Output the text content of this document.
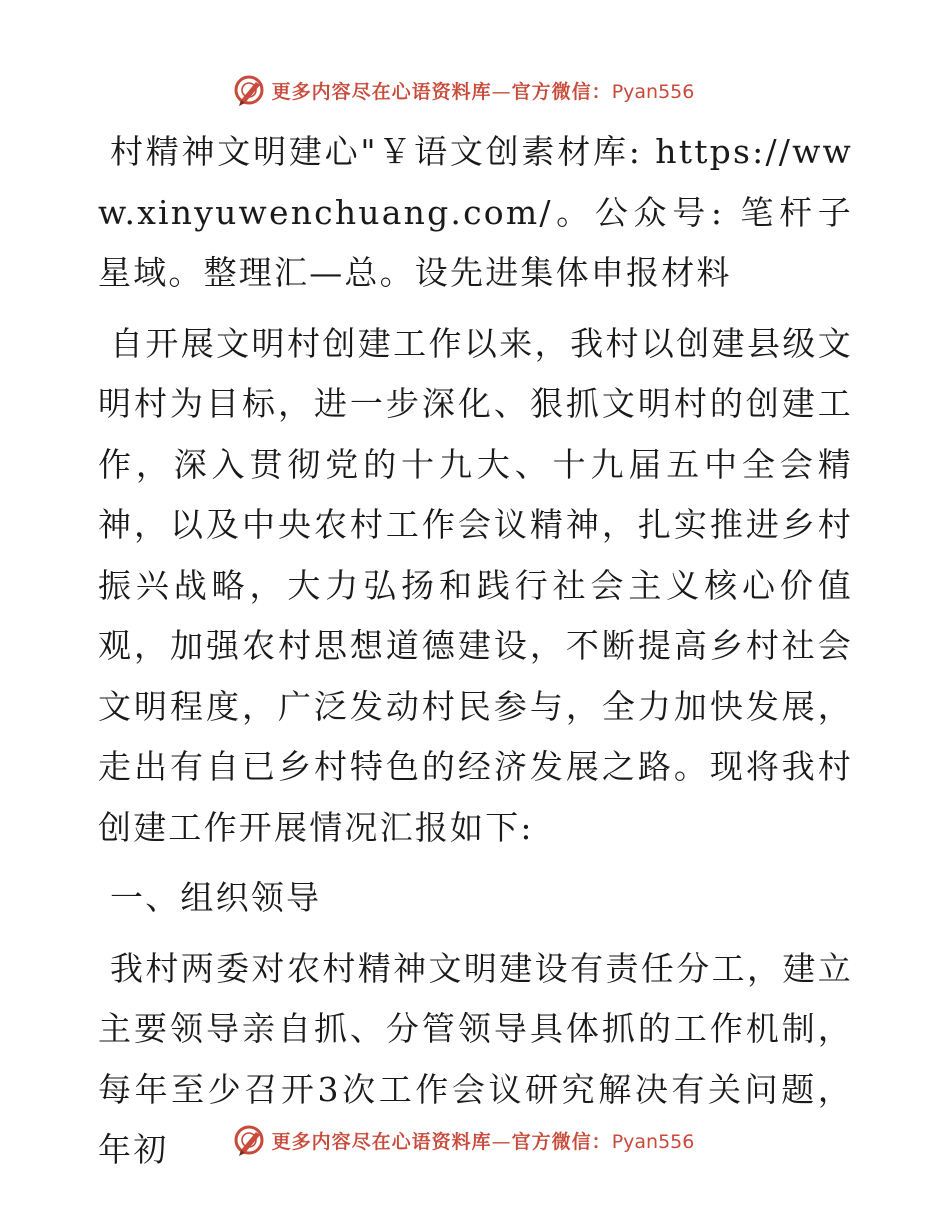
更多内容尽在心语资料库—官方微信：Pyan556

村精神文明建心"￥语文创素材库: https://www.xinyuwenchuang.com/。公众号: 笔杆子星域。整理汇—总。设先进集体申报材料

自开展文明村创建工作以来，我村以创建县级文明村为目标，进一步深化、狠抓文明村的创建工作，深入贯彻党的十九大、十九届五中全会精神，以及中央农村工作会议精神，扎实推进乡村振兴战略，大力弘扬和践行社会主义核心价值观，加强农村思想道德建设，不断提高乡村社会文明程度，广泛发动村民参与，全力加快发展，走出有自已乡村特色的经济发展之路。现将我村创建工作开展情况汇报如下:

一、组织领导

我村两委对农村精神文明建设有责任分工，建立主要领导亲自抓、分管领导具体抓的工作机制，每年至少召开3次工作会议研究解决有关问题，年初	更多内容尽在心语资料库—官方微信：Pyan556
